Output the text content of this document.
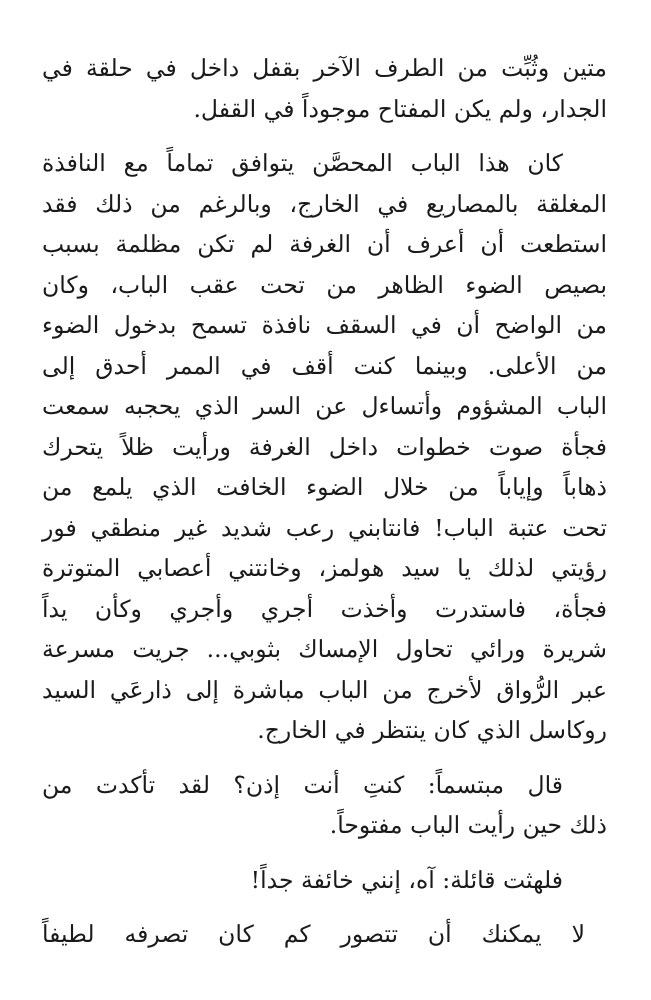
متين وثُبِّت من الطرف الآخر بقفل داخل في حلقة في
الجدار، ولم يكن المفتاح موجوداً في القفل.

كان هذا الباب المحصَّن يتوافق تماماً مع النافذة
المغلقة بالمصاريع في الخارج، وبالرغم من ذلك فقد
استطعت أن أعرف أن الغرفة لم تكن مظلمة بسبب
بصيص الضوء الظاهر من تحت عقب الباب، وكان
من الواضح أن في السقف نافذة تسمح بدخول الضوء
من الأعلى. وبينما كنت أقف في الممر أحدق إلى
الباب المشؤوم وأتساءل عن السر الذي يحجبه سمعت
فجأة صوت خطوات داخل الغرفة ورأيت ظلاً يتحرك
ذهاباً وإياباً من خلال الضوء الخافت الذي يلمع من
تحت عتبة الباب! فانتابني رعب شديد غير منطقي فور
رؤيتي لذلك يا سيد هولمز، وخانتني أعصابي المتوترة
فجأة، فاستدرت وأخذت أجري وأجري وكأن يداً
شريرة ورائي تحاول الإمساك بثوبي... جريت مسرعة
عبر الرُّواق لأخرج من الباب مباشرة إلى ذارعَي السيد
روكاسل الذي كان ينتظر في الخارج.

قال مبتسماً: كنتِ أنت إذن؟ لقد تأكدت من
ذلك حين رأيت الباب مفتوحاً.

فلهثت قائلة: آه، إنني خائفة جداً!

لا يمكنك أن تتصور كم كان تصرفه لطيفاً
